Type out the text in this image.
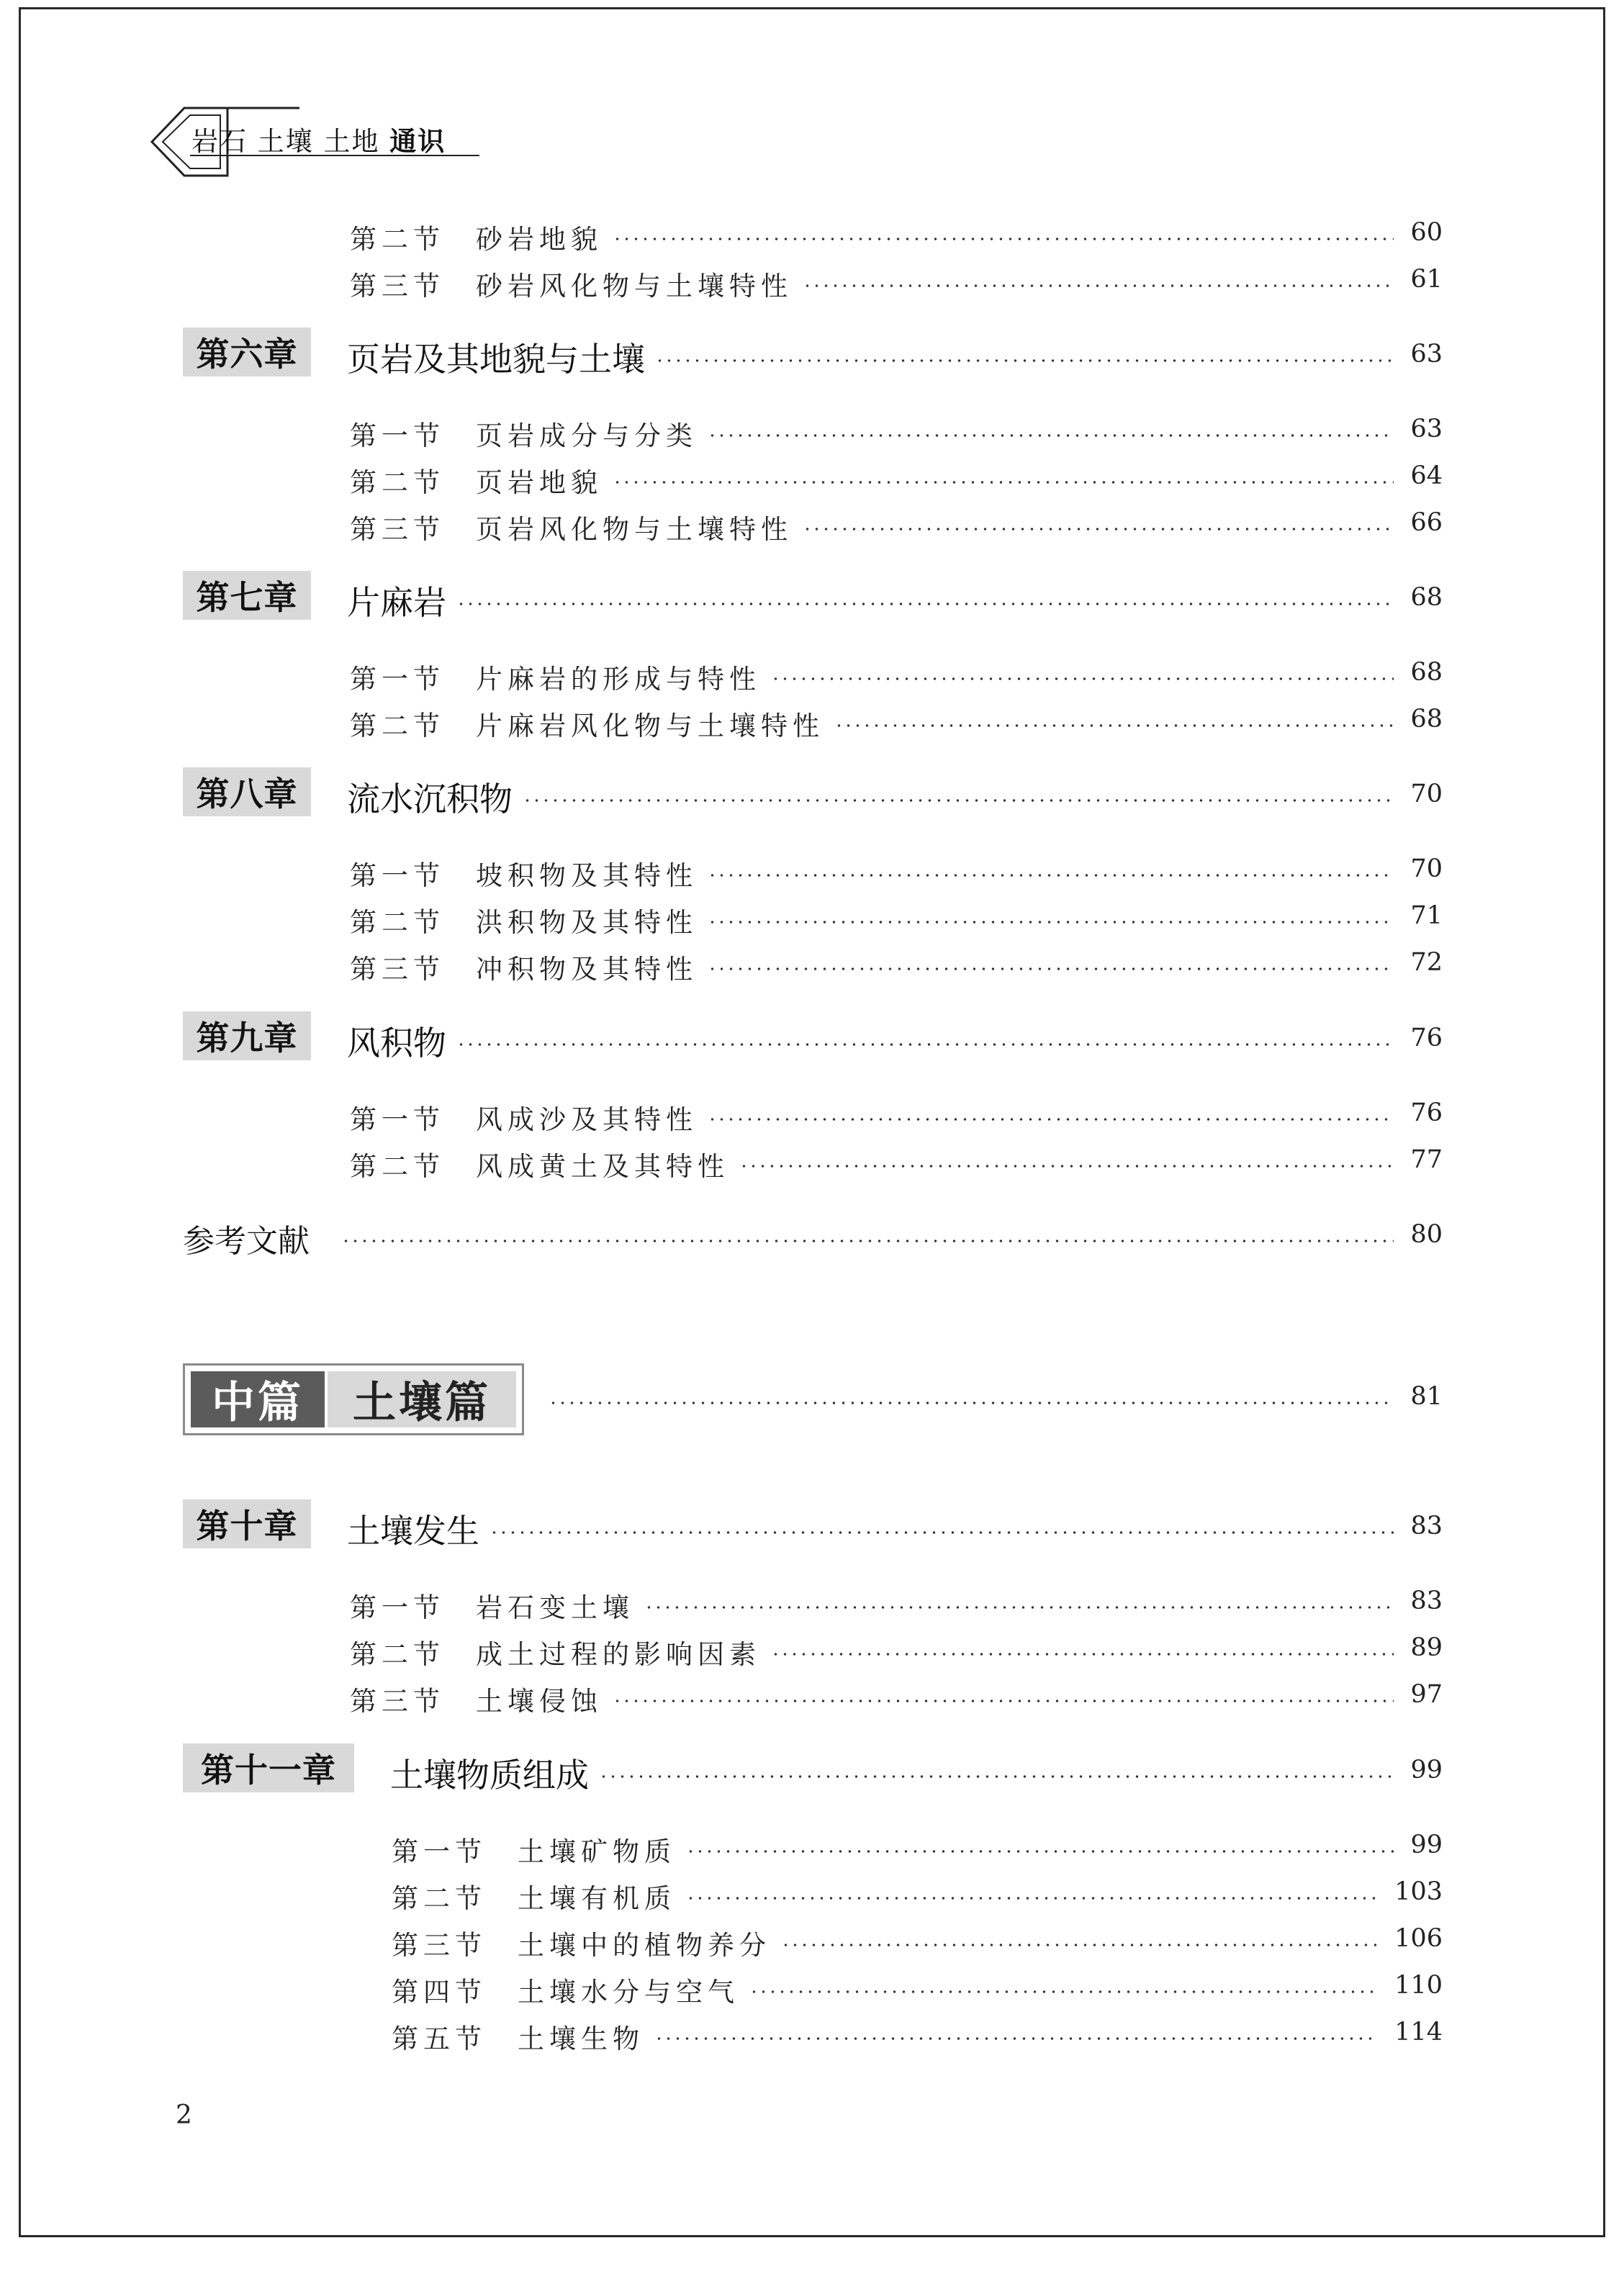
岩石 土壤 土地 通识
第二节	砂岩地貌	60
第三节	砂岩风化物与土壤特性	61
第六章	页岩及其地貌与土壤	63
第一节	页岩成分与分类	63
第二节	页岩地貌	64
第三节	页岩风化物与土壤特性	66
第七章	片麻岩	68
第一节	片麻岩的形成与特性	68
第二节	片麻岩风化物与土壤特性	68
第八章	流水沉积物	70
第一节	坡积物及其特性	70
第二节	洪积物及其特性	71
第三节	冲积物及其特性	72
第九章	风积物	76
第一节	风成沙及其特性	76
第二节	风成黄土及其特性	77
参考文献	80
中篇	土壤篇	81
第十章	土壤发生	83
第一节	岩石变土壤	83
第二节	成土过程的影响因素	89
第三节	土壤侵蚀	97
第十一章	土壤物质组成	99
第一节	土壤矿物质	99
第二节	土壤有机质	103
第三节	土壤中的植物养分	106
第四节	土壤水分与空气	110
第五节	土壤生物	114
2
